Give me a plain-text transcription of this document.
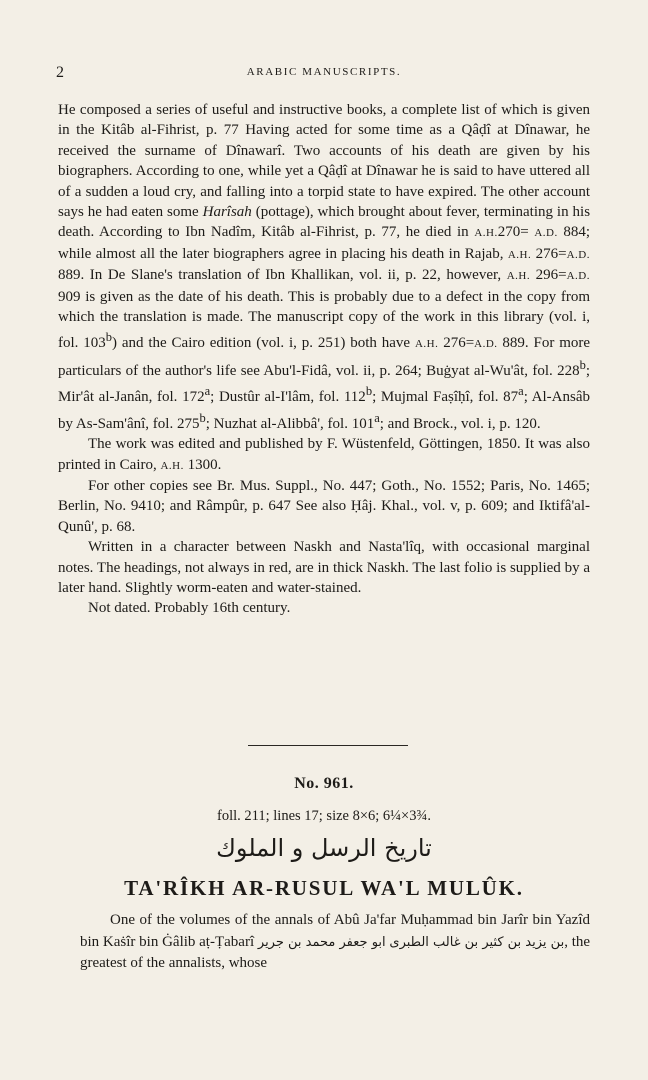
2	ARABIC MANUSCRIPTS.

He composed a series of useful and instructive books, a complete list of which is given in the Kitâb al-Fihrist, p. 77 Having acted for some time as a Qâḍî at Dînawar, he received the surname of Dînawarî. Two accounts of his death are given by his biographers. According to one, while yet a Qâḍî at Dînawar he is said to have uttered all of a sudden a loud cry, and falling into a torpid state to have expired. The other account says he had eaten some Harîsah (pottage), which brought about fever, terminating in his death. According to Ibn Nadîm, Kitâb al-Fihrist, p. 77, he died in A.H.270= A.D. 884; while almost all the later biographers agree in placing his death in Rajab, A.H. 276=A.D. 889. In De Slane's translation of Ibn Khallikan, vol. ii, p. 22, however, A.H. 296=A.D. 909 is given as the date of his death. This is probably due to a defect in the copy from which the translation is made. The manuscript copy of the work in this library (vol. i, fol. 103$^b$) and the Cairo edition (vol. i, p. 251) both have A.H. 276=A.D. 889. For more particulars of the author's life see Abu'l-Fidâ, vol. ii, p. 264; Buġyat al-Wu'ât, fol. 228$^b$; Mir'ât al-Janân, fol. 172$^a$; Dustûr al-I'lâm, fol. 112$^b$; Mujmal Faṣîḥî, fol. 87$^a$; Al-Ansâb by As-Sam'ânî, fol. 275$^b$; Nuzhat al-Alibbâ', fol. 101$^a$; and Brock., vol. i, p. 120.

The work was edited and published by F. Wüstenfeld, Göttingen, 1850. It was also printed in Cairo, A.H. 1300.

For other copies see Br. Mus. Suppl., No. 447; Goth., No. 1552; Paris, No. 1465; Berlin, No. 9410; and Râmpûr, p. 647 See also Ḥâj. Khal., vol. v, p. 609; and Iktifâ'al-Qunû', p. 68.

Written in a character between Naskh and Nasta'lîq, with occasional marginal notes. The headings, not always in red, are in thick Naskh. The last folio is supplied by a later hand. Slightly worm-eaten and water-stained.

Not dated. Probably 16th century.

No. 961.
foll. 211; lines 17; size 8×6; 6¼×3¾.
تاريخ الرسل و الملوك
TA'RÎKH AR-RUSUL WA'L MULÛK.

One of the volumes of the annals of Abû Ja'far Muḥammad bin Jarîr bin Yazîd bin Kaṡîr bin Ġâlib aṭ-Ṭabarî ابو جعفر محمد بن جرير بن يزيد بن كثير بن غالب الطبرى, the greatest of the annalists, whose
